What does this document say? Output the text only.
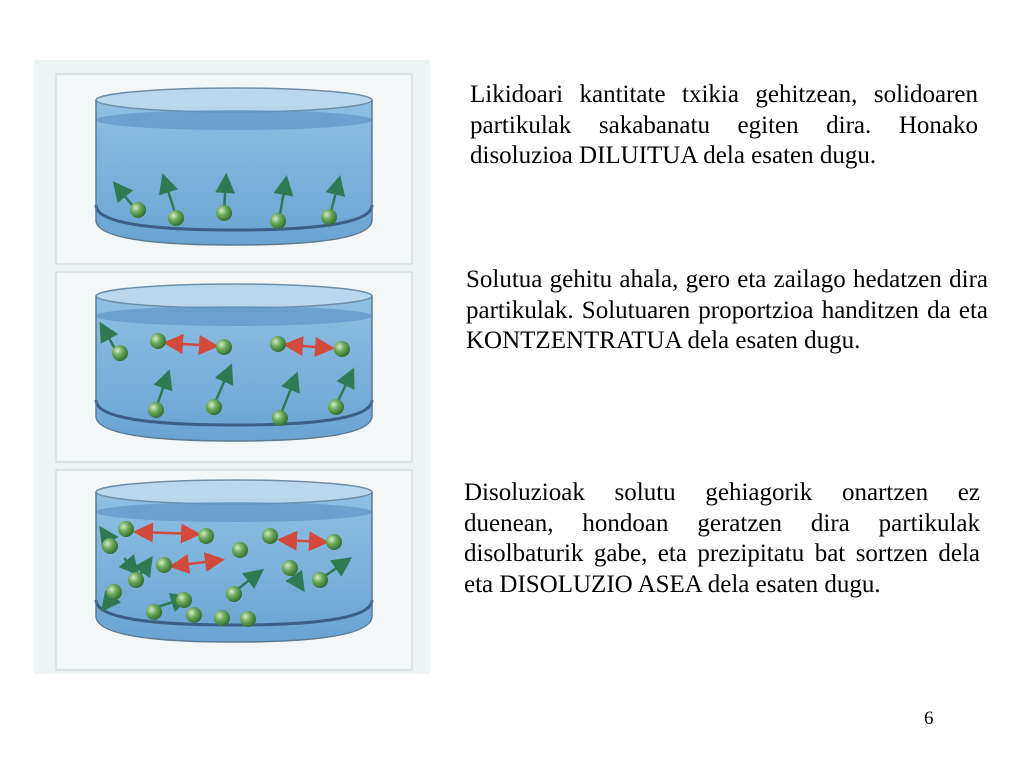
Likidoari kantitate txikia gehitzean, solidoaren partikulak sakabanatu egiten dira. Honako disoluzioa DILUITUA dela esaten dugu.

Solutua gehitu ahala, gero eta zailago hedatzen dira partikulak. Solutuaren proportzioa handitzen da eta KONTZENTRATUA dela esaten dugu.

Disoluzioak solutu gehiagorik onartzen ez duenean, hondoan geratzen dira partikulak disolbaturik gabe, eta prezipitatu bat sortzen dela eta DISOLUZIO ASEA dela esaten dugu.

6
